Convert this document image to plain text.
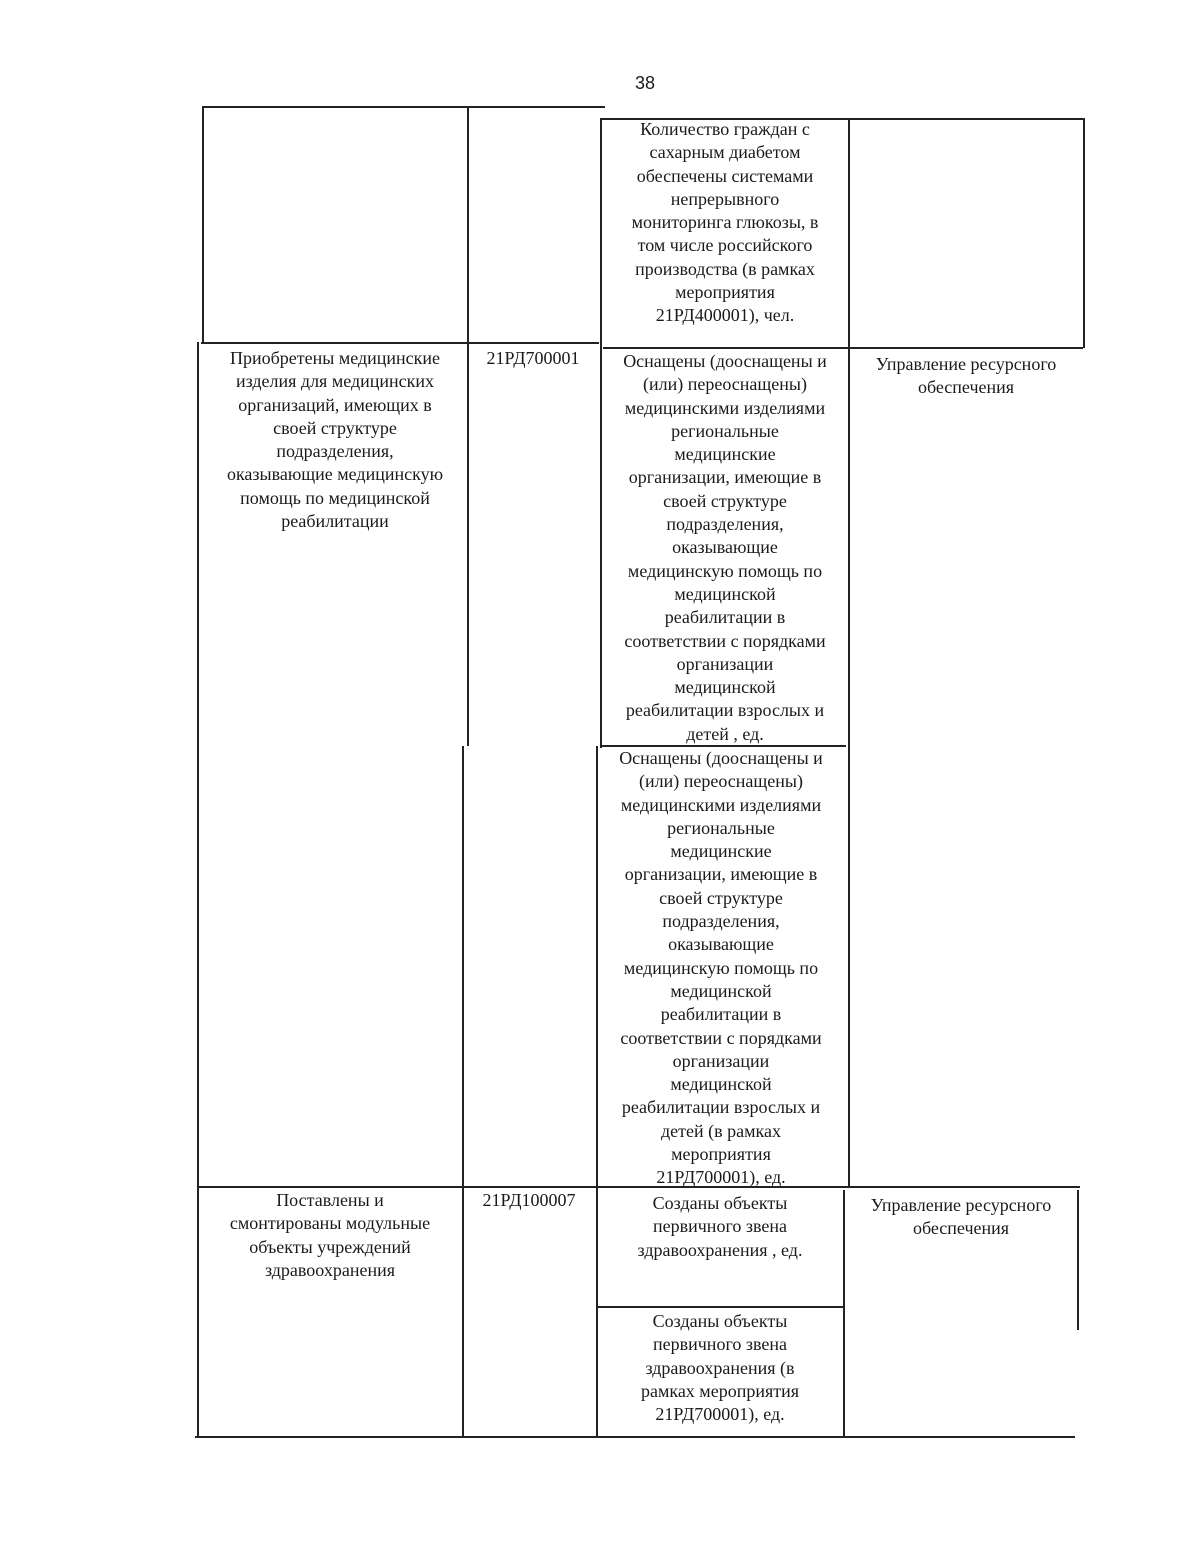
38
Количество граждан с
сахарным диабетом
обеспечены системами
непрерывного
мониторинга глюкозы, в
том числе российского
производства (в рамках
мероприятия
21РД400001), чел.
Приобретены медицинские
изделия для медицинских
организаций, имеющих в
своей структуре
подразделения,
оказывающие медицинскую
помощь по медицинской
реабилитации
21РД700001	Оснащены (дооснащены и
(или) переоснащены)
медицинскими изделиями
региональные
медицинские
организации, имеющие в
своей структуре
подразделения,
оказывающие
медицинскую помощь по
медицинской
реабилитации в
соответствии с порядками
организации
медицинской
реабилитации взрослых и
детей , ед.
Оснащены (дооснащены и
(или) переоснащены)
медицинскими изделиями
региональные
медицинские
организации, имеющие в
своей структуре
подразделения,
оказывающие
медицинскую помощь по
медицинской
реабилитации в
соответствии с порядками
организации
медицинской
реабилитации взрослых и
детей (в рамках
мероприятия
21РД700001), ед.
Управление ресурсного
обеспечения
Поставлены и
смонтированы модульные
объекты учреждений
здравоохранения
21РД100007	Созданы объекты
первичного звена
здравоохранения , ед.
Созданы объекты
первичного звена
здравоохранения (в
рамках мероприятия
21РД700001), ед.
Управление ресурсного
обеспечения
